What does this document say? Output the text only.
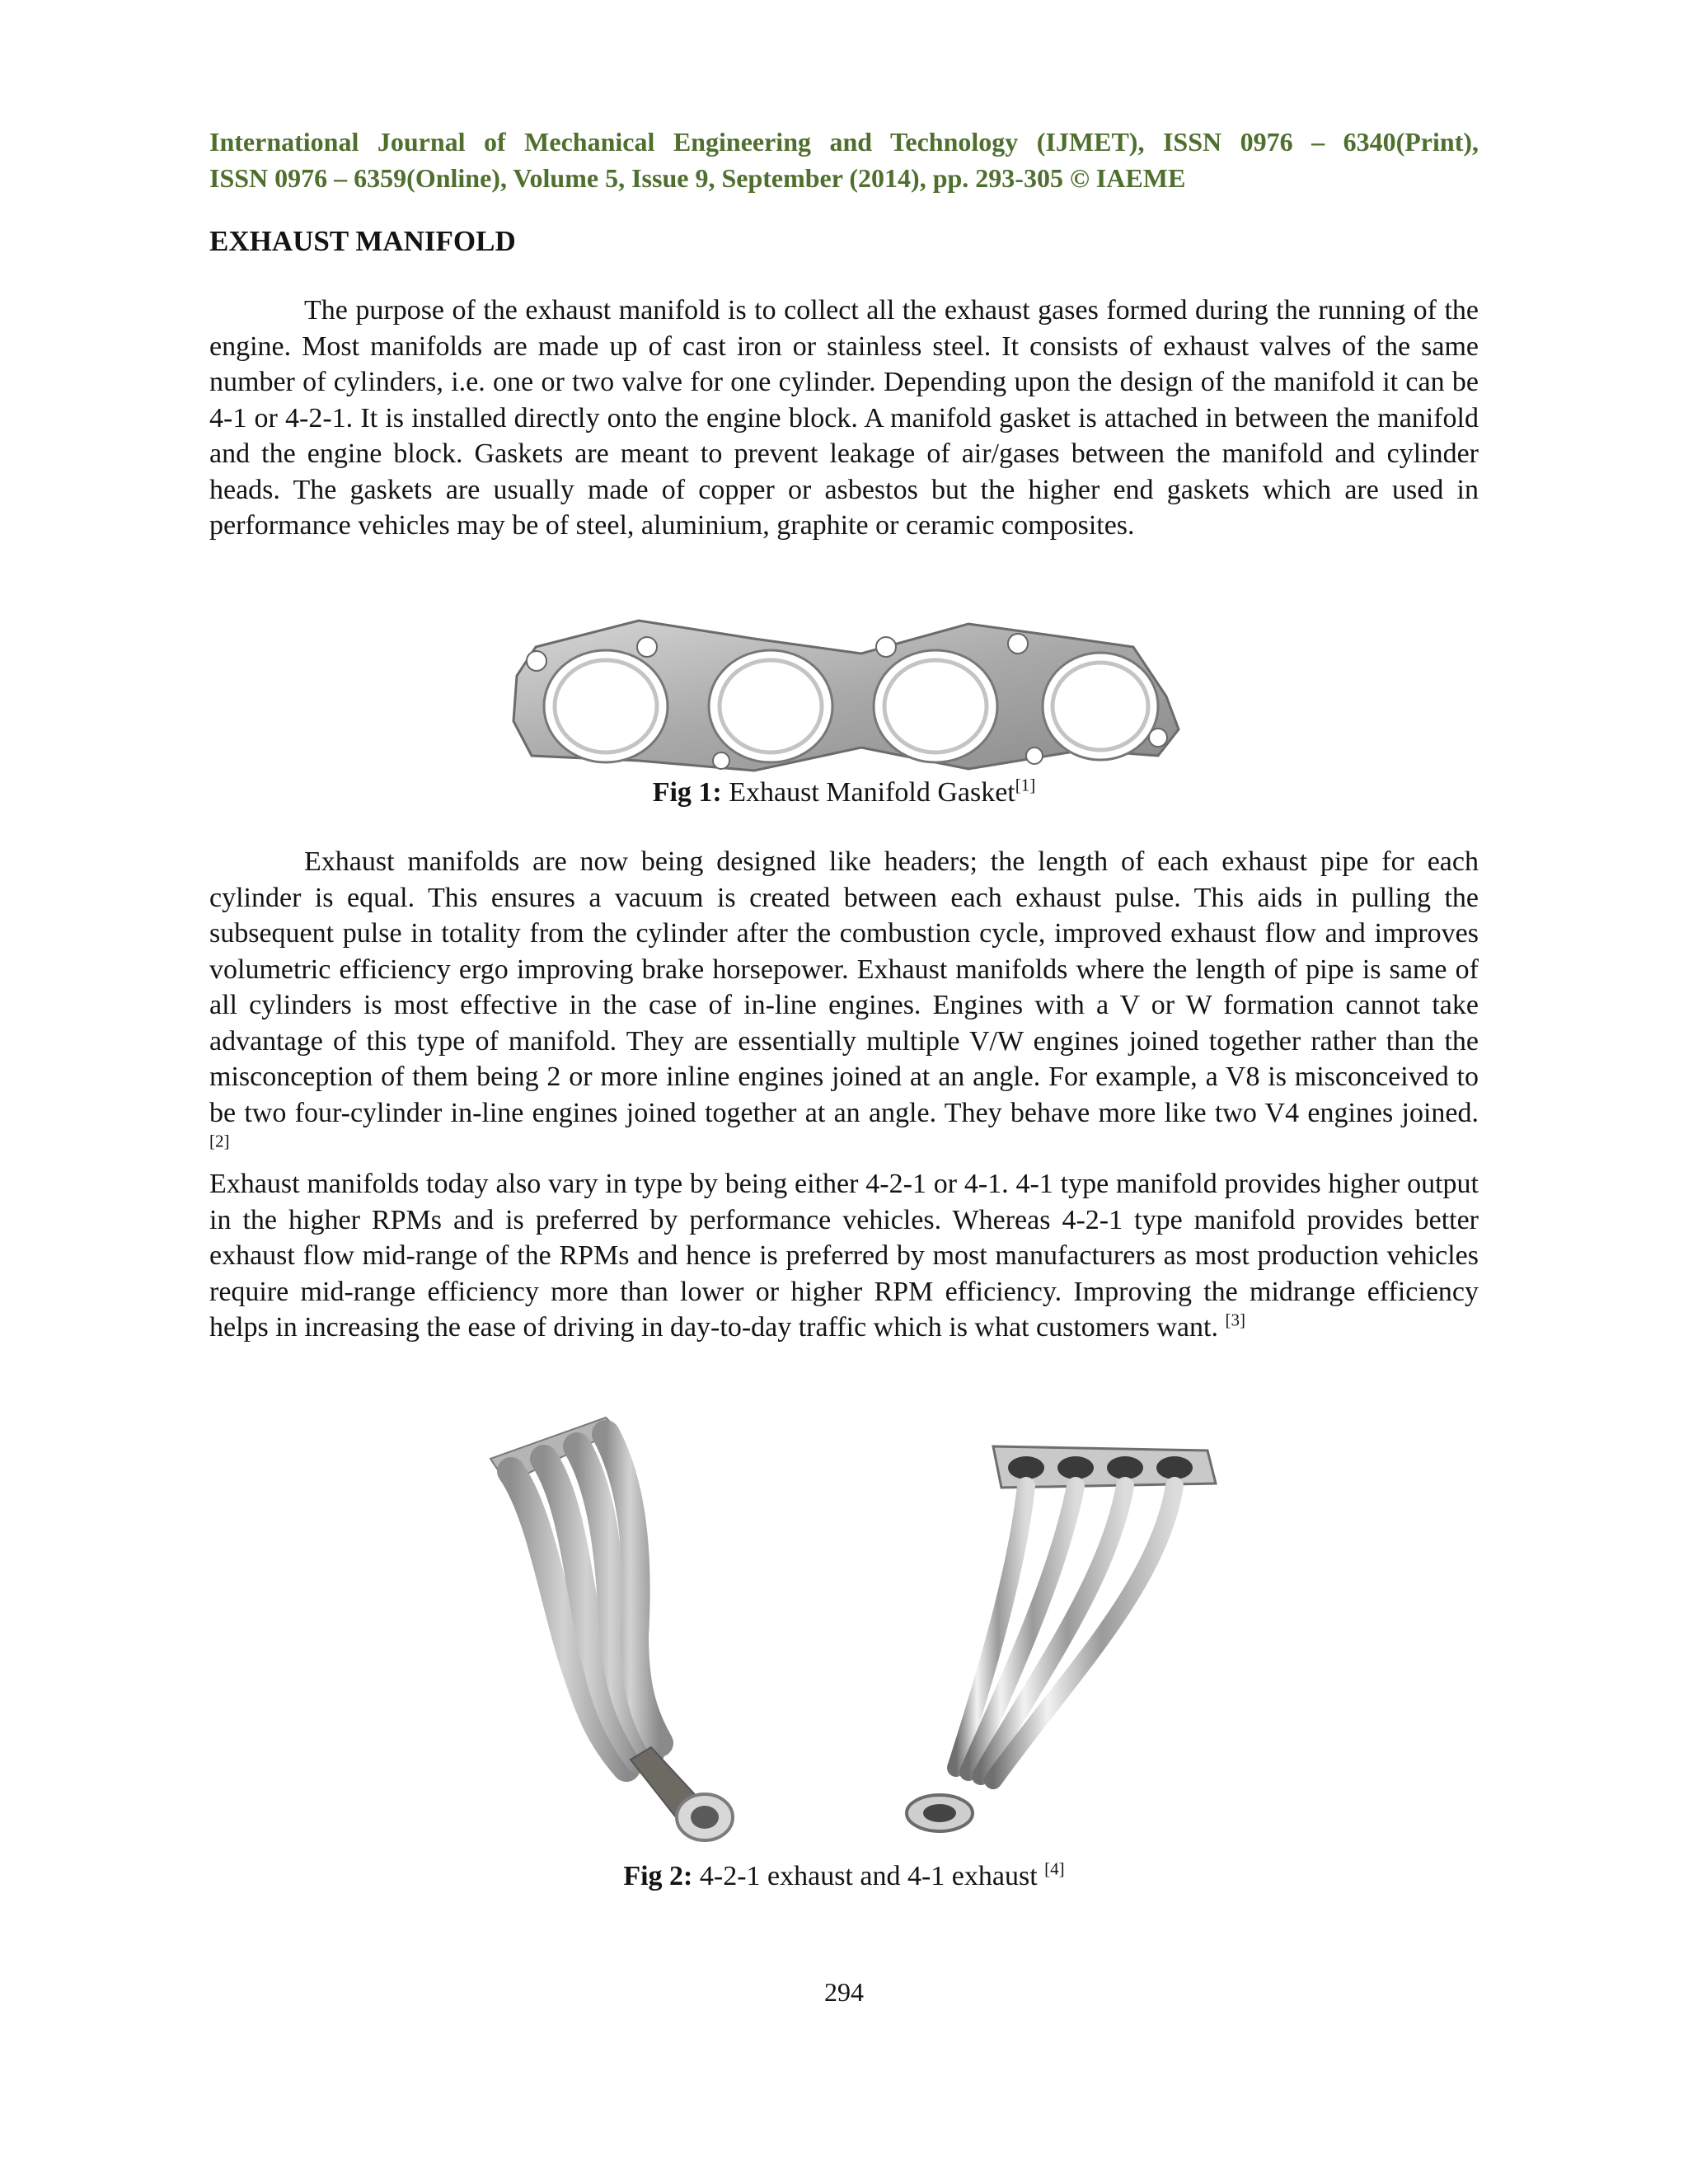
International Journal of Mechanical Engineering and Technology (IJMET), ISSN 0976 – 6340(Print),
ISSN 0976 – 6359(Online), Volume 5, Issue 9, September (2014), pp. 293-305 © IAEME
EXHAUST MANIFOLD

The purpose of the exhaust manifold is to collect all the exhaust gases formed during the running of the engine. Most manifolds are made up of cast iron or stainless steel. It consists of exhaust valves of the same number of cylinders, i.e. one or two valve for one cylinder. Depending upon the design of the manifold it can be 4-1 or 4-2-1. It is installed directly onto the engine block. A manifold gasket is attached in between the manifold and the engine block. Gaskets are meant to prevent leakage of air/gases between the manifold and cylinder heads. The gaskets are usually made of copper or asbestos but the higher end gaskets which are used in performance vehicles may be of steel, aluminium, graphite or ceramic composites.

Fig 1: Exhaust Manifold Gasket[1]

Exhaust manifolds are now being designed like headers; the length of each exhaust pipe for each cylinder is equal. This ensures a vacuum is created between each exhaust pulse. This aids in pulling the subsequent pulse in totality from the cylinder after the combustion cycle, improved exhaust flow and improves volumetric efficiency ergo improving brake horsepower. Exhaust manifolds where the length of pipe is same of all cylinders is most effective in the case of in-line engines. Engines with a V or W formation cannot take advantage of this type of manifold. They are essentially multiple V/W engines joined together rather than the misconception of them being 2 or more inline engines joined at an angle. For example, a V8 is misconceived to be two four-cylinder in-line engines joined together at an angle. They behave more like two V4 engines joined. [2]

Exhaust manifolds today also vary in type by being either 4-2-1 or 4-1. 4-1 type manifold provides higher output in the higher RPMs and is preferred by performance vehicles. Whereas 4-2-1 type manifold provides better exhaust flow mid-range of the RPMs and hence is preferred by most manufacturers as most production vehicles require mid-range efficiency more than lower or higher RPM efficiency. Improving the midrange efficiency helps in increasing the ease of driving in day-to-day traffic which is what customers want. [3]

Fig 2: 4-2-1 exhaust and 4-1 exhaust [4]
294
